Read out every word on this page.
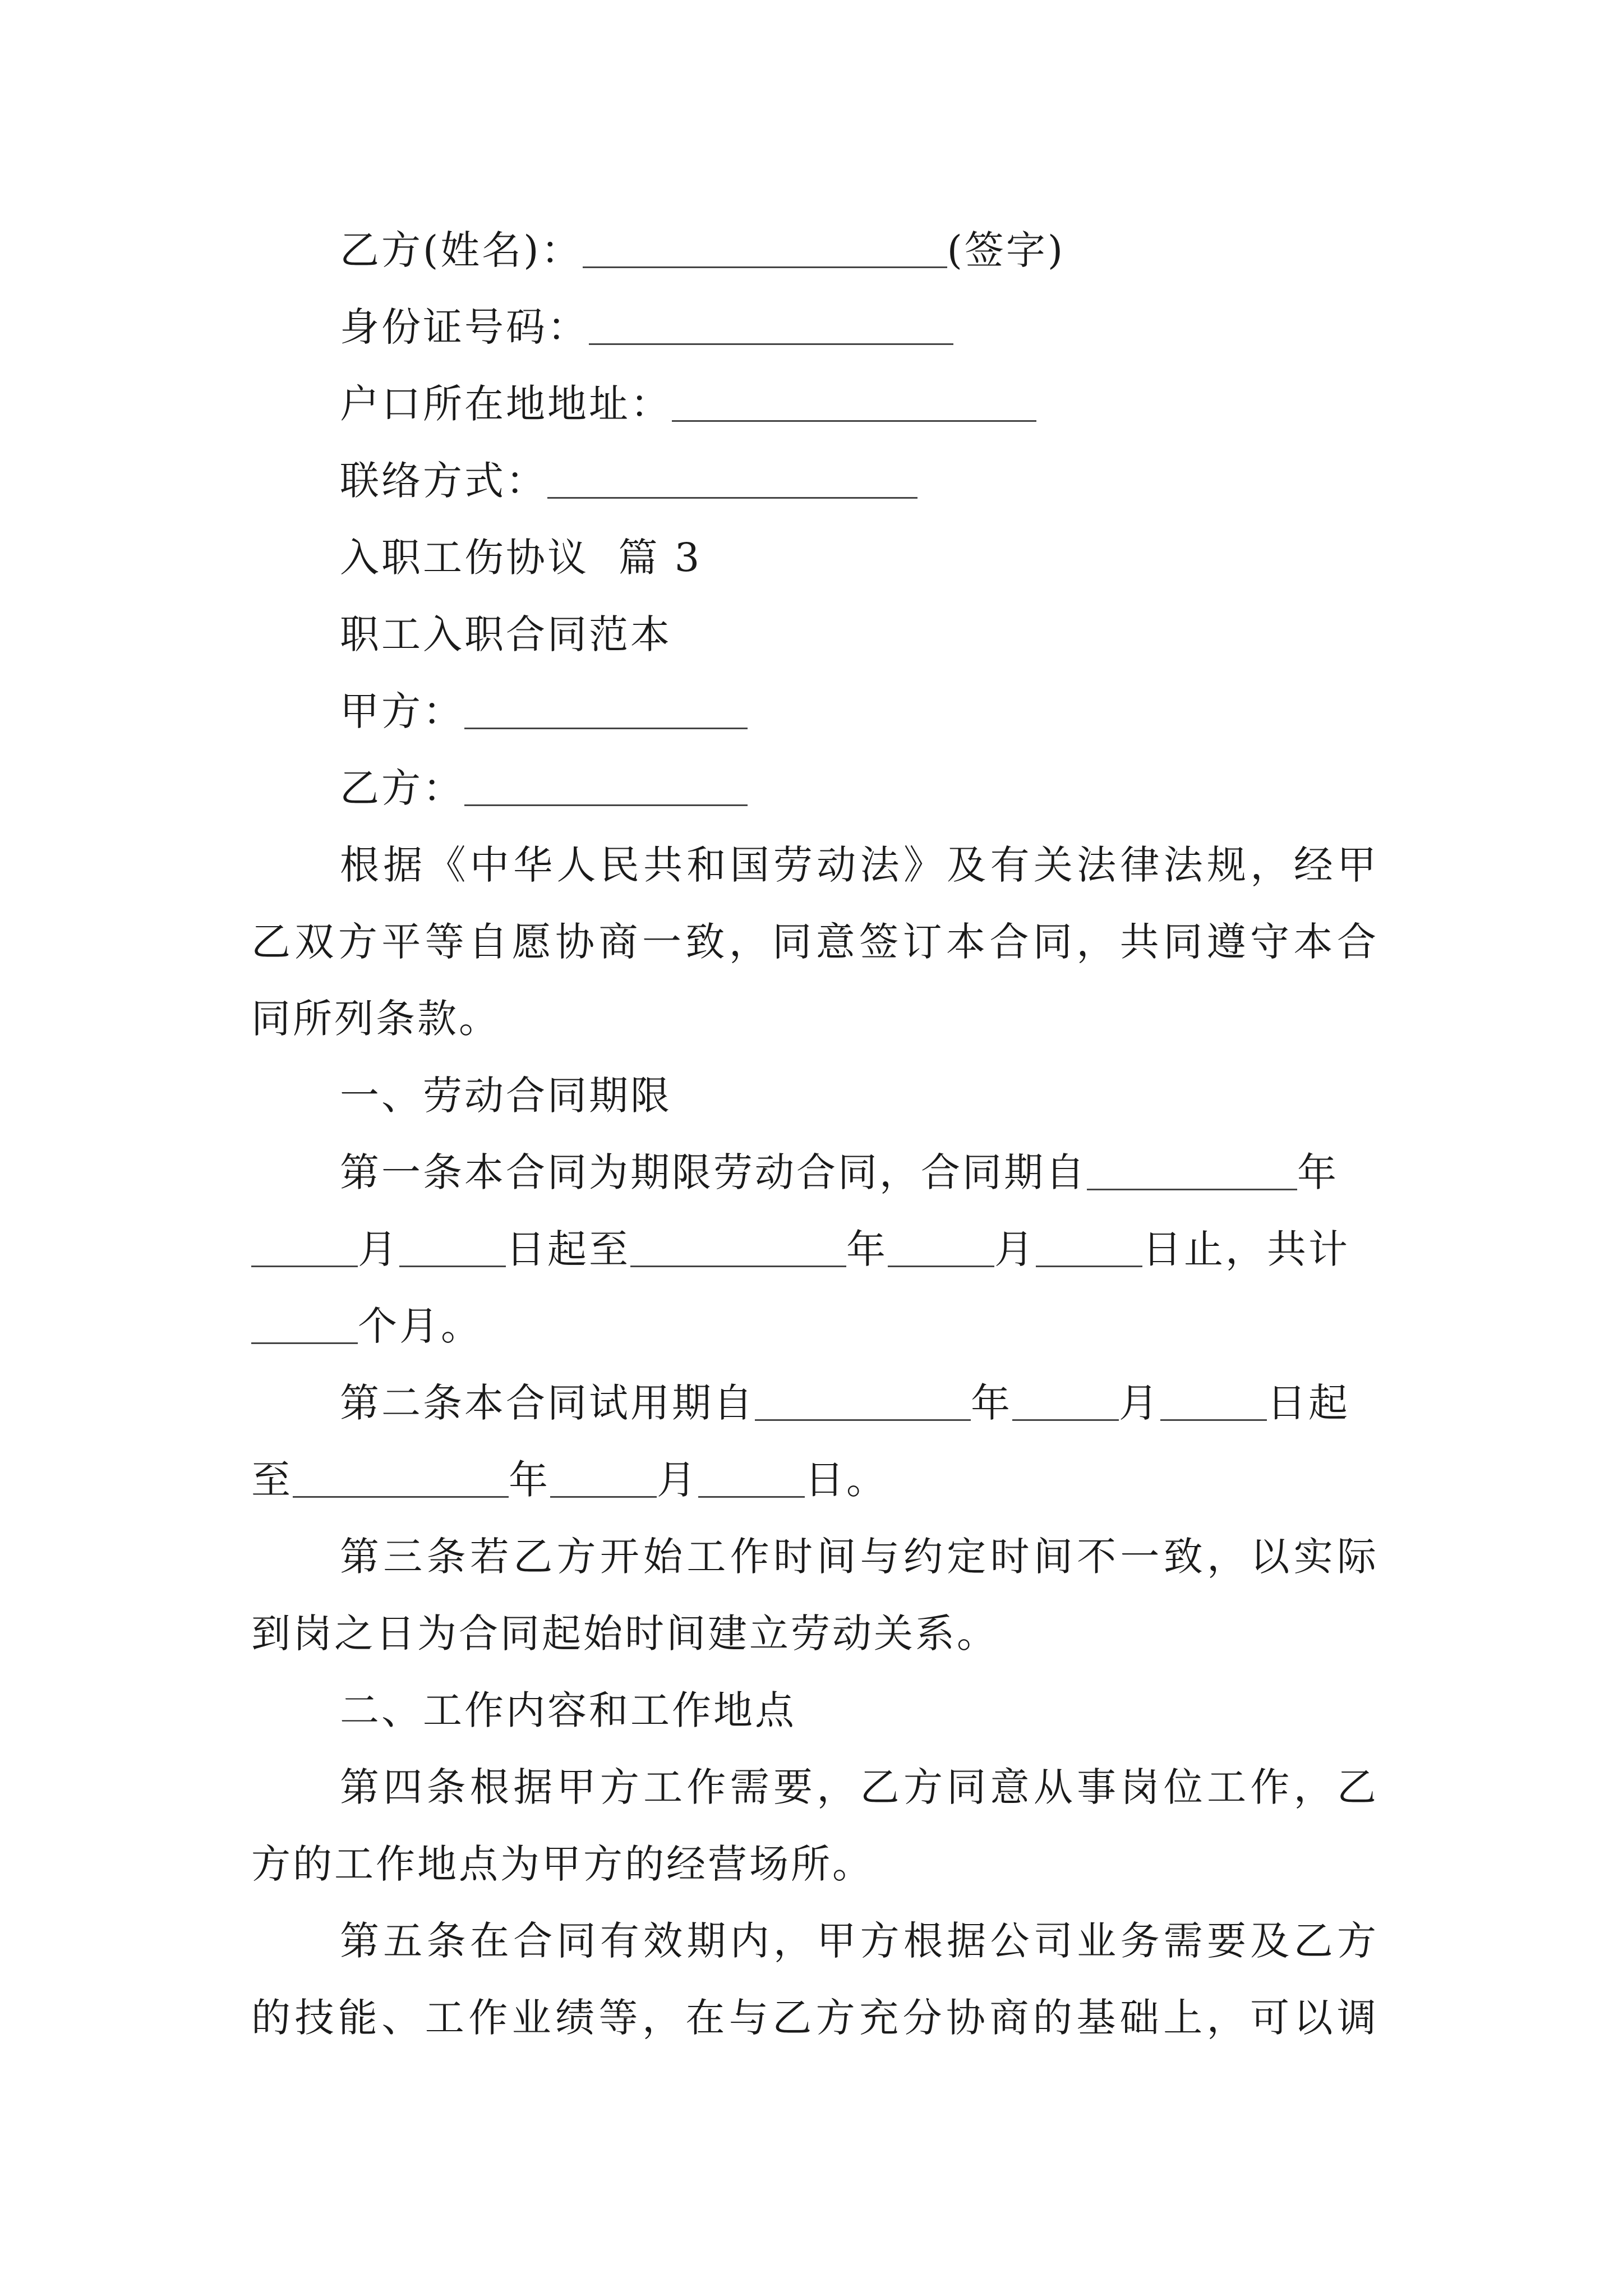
乙方(姓名)：	(签字)
身份证号码：
户口所在地地址：
联络方式：
入职工伤协议  篇 3
职工入职合同范本
甲方：
乙方：
根据《中华人民共和国劳动法》及有关法律法规，经甲
乙双方平等自愿协商一致，同意签订本合同，共同遵守本合
同所列条款。
一、劳动合同期限
第一条本合同为期限劳动合同，合同期自	年
月	日起至	年	月	日止，共计
个月。
第二条本合同试用期自	年	月	日起
至	年	月	日。
第三条若乙方开始工作时间与约定时间不一致，以实际
到岗之日为合同起始时间建立劳动关系。
二、工作内容和工作地点
第四条根据甲方工作需要，乙方同意从事岗位工作，乙
方的工作地点为甲方的经营场所。
第五条在合同有效期内，甲方根据公司业务需要及乙方
的技能、工作业绩等，在与乙方充分协商的基础上，可以调
